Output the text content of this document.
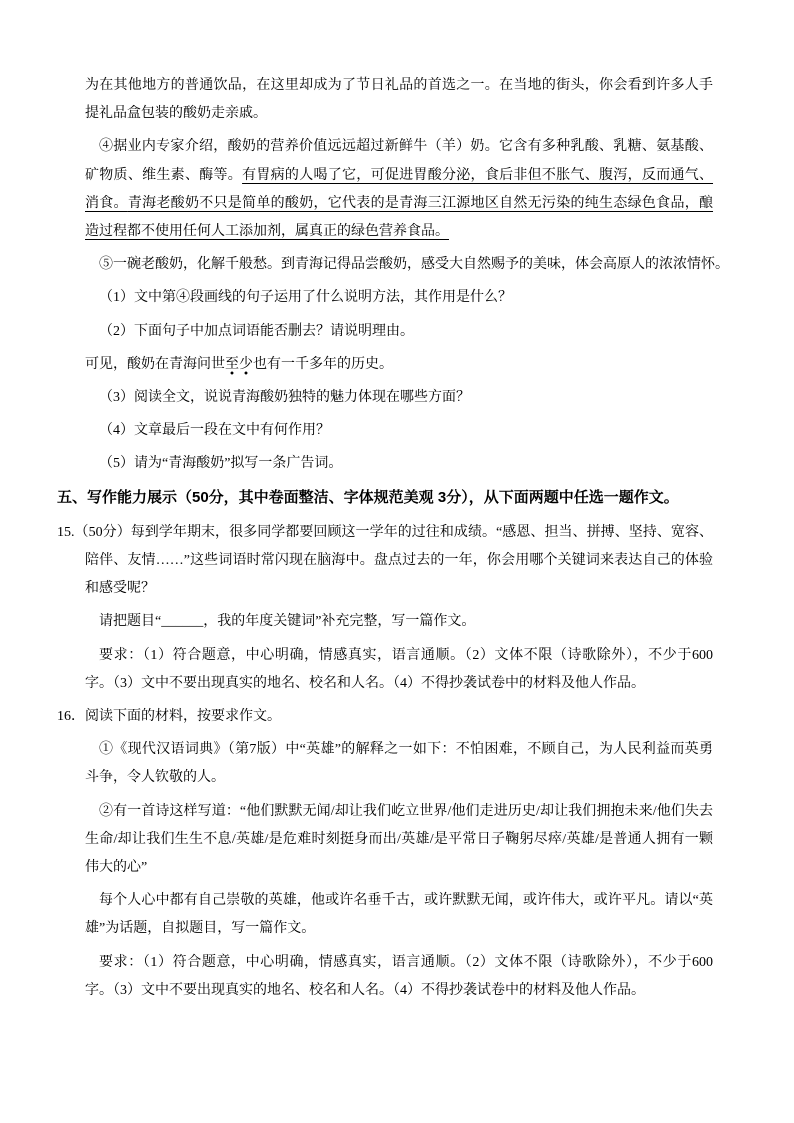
为在其他地方的普通饮品，在这里却成为了节日礼品的首选之一。在当地的街头，你会看到许多人手提礼品盒包装的酸奶走亲戚。

④据业内专家介绍，酸奶的营养价值远远超过新鲜牛（羊）奶。它含有多种乳酸、乳糖、氨基酸、矿物质、维生素、酶等。有胃病的人喝了它，可促进胃酸分泌，食后非但不胀气、腹泻，反而通气、消食。青海老酸奶不只是简单的酸奶，它代表的是青海三江源地区自然无污染的纯生态绿色食品，酿造过程都不使用任何人工添加剂，属真正的绿色营养食品。

⑤一碗老酸奶，化解千般愁。到青海记得品尝酸奶，感受大自然赐予的美味，体会高原人的浓浓情怀。

（1）文中第④段画线的句子运用了什么说明方法，其作用是什么？

（2）下面句子中加点词语能否删去？请说明理由。

可见，酸奶在青海问世至少也有一千多年的历史。

（3）阅读全文，说说青海酸奶独特的魅力体现在哪些方面？

（4）文章最后一段在文中有何作用？

（5）请为“青海酸奶”拟写一条广告词。

五、写作能力展示（50分，其中卷面整洁、字体规范美观 3分），从下面两题中任选一题作文。

15.（50分）每到学年期末，很多同学都要回顾这一学年的过往和成绩。“感恩、担当、拼搏、坚持、宽容、陪伴、友情……”这些词语时常闪现在脑海中。盘点过去的一年，你会用哪个关键词来表达自己的体验和感受呢？

请把题目“______，我的年度关键词”补充完整，写一篇作文。

要求：（1）符合题意，中心明确，情感真实，语言通顺。（2）文体不限（诗歌除外），不少于600字。（3）文中不要出现真实的地名、校名和人名。（4）不得抄袭试卷中的材料及他人作品。

16．阅读下面的材料，按要求作文。

①《现代汉语词典》（第7版）中“英雄”的解释之一如下：不怕困难，不顾自己，为人民利益而英勇斗争，令人钦敬的人。

②有一首诗这样写道：“他们默默无闻/却让我们屹立世界/他们走进历史/却让我们拥抱未来/他们失去生命/却让我们生生不息/英雄/是危难时刻挺身而出/英雄/是平常日子鞠躬尽瘁/英雄/是普通人拥有一颗伟大的心”

每个人心中都有自己崇敬的英雄，他或许名垂千古，或许默默无闻，或许伟大，或许平凡。请以“英雄”为话题，自拟题目，写一篇作文。

要求：（1）符合题意，中心明确，情感真实，语言通顺。（2）文体不限（诗歌除外），不少于600字。（3）文中不要出现真实的地名、校名和人名。（4）不得抄袭试卷中的材料及他人作品。
